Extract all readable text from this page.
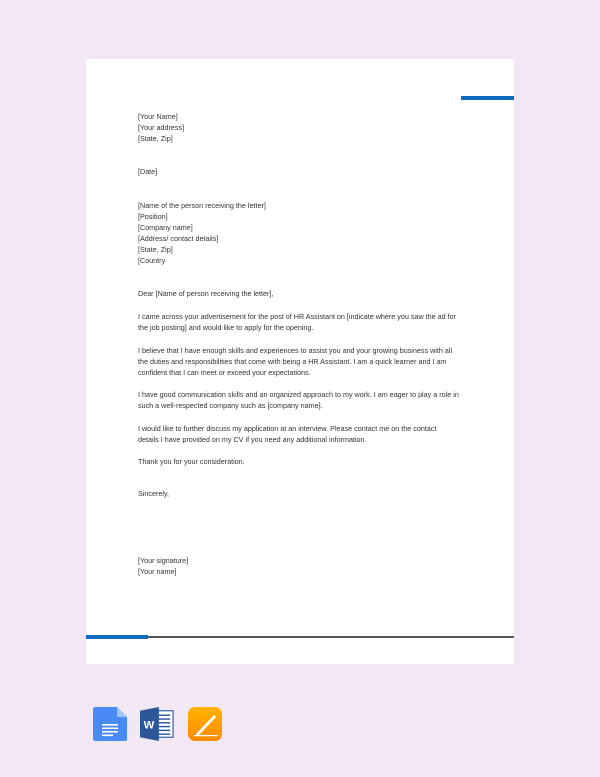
[Your Name]
[Your address]
[State, Zip]
[Date]
[Name of the person receiving the letter]
[Position]
[Company name]
[Address/ contact details]
[State, Zip]
[Country
Dear [Name of person receiving the letter],
I came across your advertisement for the post of HR Assistant on [indicate where you saw the ad for
the job posting] and would like to apply for the opening.
I believe that I have enough skills and experiences to assist you and your growing business with all
the duties and responsibilities that come with being a HR Assistant. I am a quick learner and I am
confident that I can meet or exceed your expectations.
I have good communication skills and an organized approach to my work. I am eager to play a role in
such a well-respected company such as [company name].
I would like to further discuss my application at an interview. Please contact me on the contact
details I have provided on my CV if you need any additional information.
Thank you for your consideration.
Sincerely,
[Your signature]
[Your name]
W
